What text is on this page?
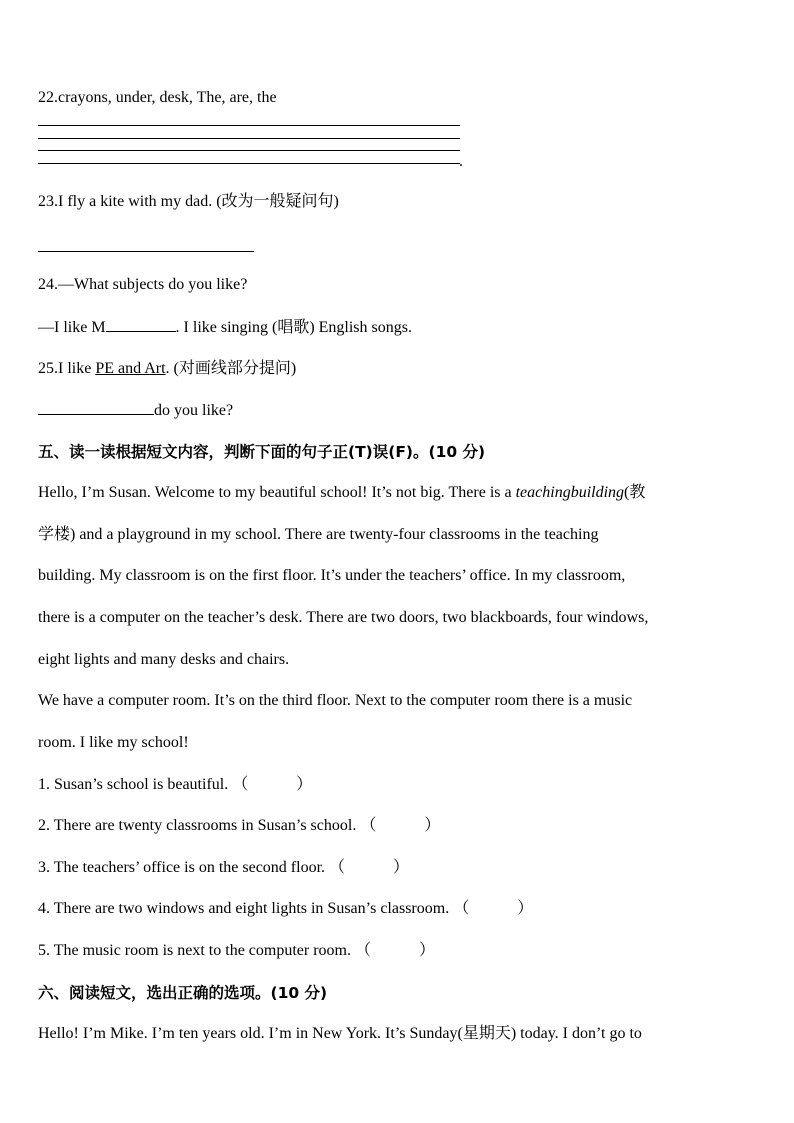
22.crayons, under, desk, The, are, the
.
23.I fly a kite with my dad. (改为一般疑问句)
24.—What subjects do you like?
—I like M	. I like singing (唱歌) English songs.
25.I like PE and Art. (对画线部分提问)
do you like?
五、读一读根据短文内容，判断下面的句子正(T)误(F)。(10 分)
Hello, I’m Susan. Welcome to my beautiful school! It’s not big. There is a teachingbuilding(教
学楼) and a playground in my school. There are twenty-four classrooms in the teaching
building. My classroom is on the first floor. It’s under the teachers’ office. In my classroom,
there is a computer on the teacher’s desk. There are two doors, two blackboards, four windows,
eight lights and many desks and chairs.
We have a computer room. It’s on the third floor. Next to the computer room there is a music
room. I like my school!
1. Susan’s school is beautiful. （　　　）
2. There are twenty classrooms in Susan’s school. （　　　）
3. The teachers’ office is on the second floor. （　　　）
4. There are two windows and eight lights in Susan’s classroom. （　　　）
5. The music room is next to the computer room. （　　　）
六、阅读短文，选出正确的选项。(10 分)
Hello! I’m Mike. I’m ten years old. I’m in New York. It’s Sunday(星期天) today. I don’t go to
